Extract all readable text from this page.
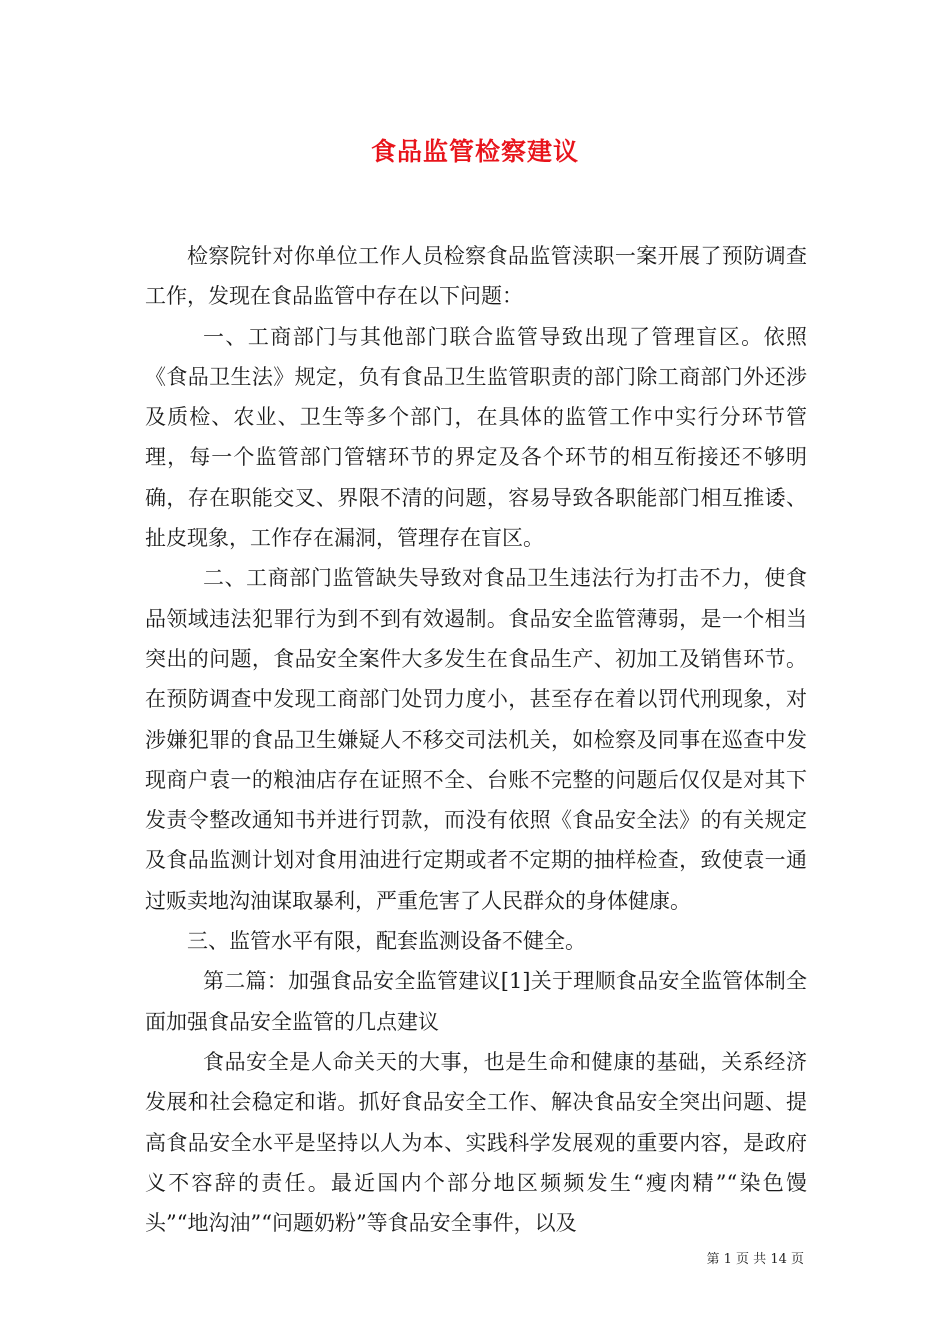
食品监管检察建议

检察院针对你单位工作人员检察食品监管渎职一案开展了预防调查工作，发现在食品监管中存在以下问题：

一、工商部门与其他部门联合监管导致出现了管理盲区。依照《食品卫生法》规定，负有食品卫生监管职责的部门除工商部门外还涉及质检、农业、卫生等多个部门，在具体的监管工作中实行分环节管理，每一个监管部门管辖环节的界定及各个环节的相互衔接还不够明确，存在职能交叉、界限不清的问题，容易导致各职能部门相互推诿、扯皮现象，工作存在漏洞，管理存在盲区。

二、工商部门监管缺失导致对食品卫生违法行为打击不力，使食品领域违法犯罪行为到不到有效遏制。食品安全监管薄弱，是一个相当突出的问题，食品安全案件大多发生在食品生产、初加工及销售环节。在预防调查中发现工商部门处罚力度小，甚至存在着以罚代刑现象，对涉嫌犯罪的食品卫生嫌疑人不移交司法机关，如检察及同事在巡查中发现商户袁一的粮油店存在证照不全、台账不完整的问题后仅仅是对其下发责令整改通知书并进行罚款，而没有依照《食品安全法》的有关规定及食品监测计划对食用油进行定期或者不定期的抽样检查，致使袁一通过贩卖地沟油谋取暴利，严重危害了人民群众的身体健康。

三、监管水平有限，配套监测设备不健全。

第二篇：加强食品安全监管建议[1]关于理顺食品安全监管体制全面加强食品安全监管的几点建议

食品安全是人命关天的大事，也是生命和健康的基础，关系经济发展和社会稳定和谐。抓好食品安全工作、解决食品安全突出问题、提高食品安全水平是坚持以人为本、实践科学发展观的重要内容，是政府义不容辞的责任。最近国内个部分地区频频发生“瘦肉精”“染色馒头”“地沟油”“问题奶粉”等食品安全事件，以及

第 1 页 共 14 页
